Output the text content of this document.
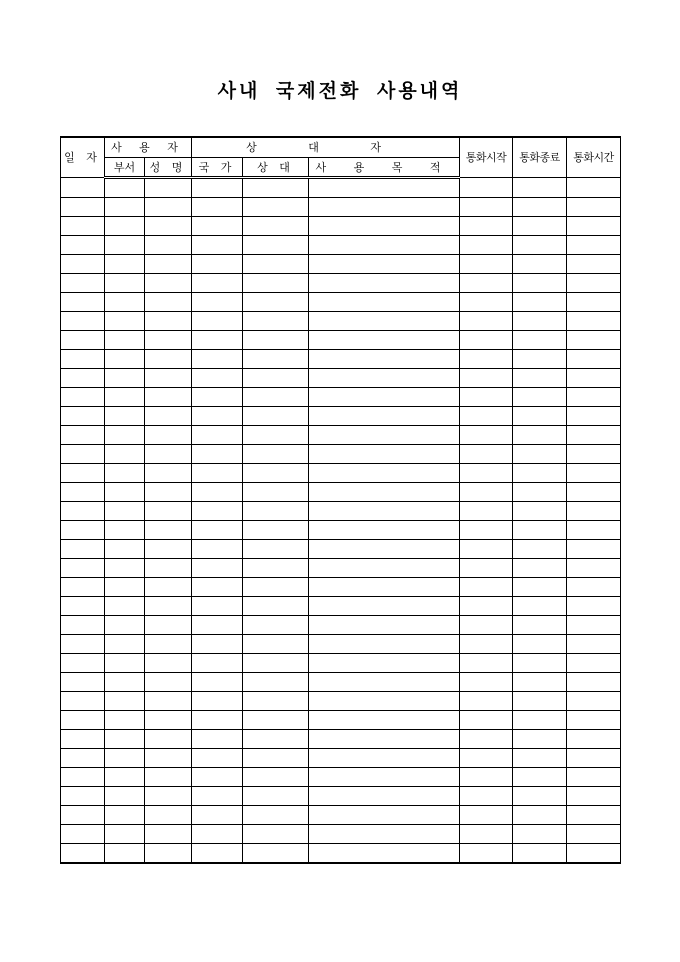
사내 국제전화 사용내역
일 자	사 용 자		상 대 자			통화시작	통화종료	통화시간
	부서	성 명	국 가	상 대	사 용 목 적			
